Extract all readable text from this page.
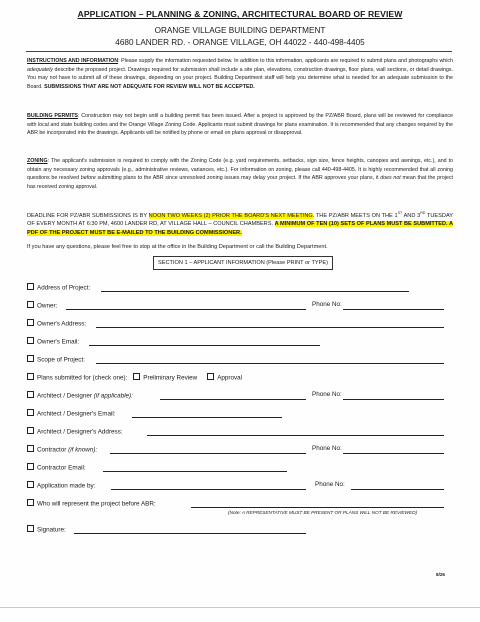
APPLICATION – PLANNING & ZONING, ARCHITECTURAL BOARD OF REVIEW
ORANGE VILLAGE BUILDING DEPARTMENT
4680 LANDER RD. - ORANGE VILLAGE, OH 44022 - 440-498-4405
INSTRUCTIONS AND INFORMATION: Please supply the information requested below. In addition to this information, applicants are required to submit plans and photographs which adequately describe the proposed project. Drawings required for submission shall include a site plan, elevations, construction drawings, floor plans, wall sections, or detail drawings. You may not have to submit all of these drawings, depending on your project. Building Department staff will help you determine what is needed for an adequate submission to the Board. SUBMISSIONS THAT ARE NOT ADEQUATE FOR REVIEW WILL NOT BE ACCEPTED.
BUILDING PERMITS: Construction may not begin until a building permit has been issued. After a project is approved by the PZ/ABR Board, plans will be reviewed for compliance with local and state building codes and the Orange Village Zoning Code. Applicants must submit drawings for plans examination. It is recommended that any changes required by the ABR be incorporated into the drawings. Applicants will be notified by phone or email on plans approval or disapproval.
ZONING: The applicant's submission is required to comply with the Zoning Code (e.g. yard requirements, setbacks, sign size, fence heights, canopies and awnings, etc.), and to obtain any necessary zoning approvals (e.g., administrative reviews, variances, etc.). For information on zoning, please call 440-498-4405. It is highly recommended that all zoning questions be resolved before submitting plans to the ABR since unresolved zoning issues may delay your project. If the ABR approves your plans, it does not mean that the project has received zoning approval.
DEADLINE FOR PZ/ABR SUBMISSIONS IS BY NOON TWO WEEKS (2) PRIOR THE BOARD'S NEXT MEETING. THE PZ/ABR MEETS ON THE 1ST AND 3RD TUESDAY OF EVERY MONTH AT 6:30 PM, 4600 LANDER RD, AT VILLAGE HALL – COUNCIL CHAMBERS. A MINIMUM OF TEN (10) SETS OF PLANS MUST BE SUBMITTED. A PDF OF THE PROJECT MUST BE E-MAILED TO THE BUILDING COMMISSIONER.
If you have any questions, please feel free to stop at the office in the Building Department or call the Building Department.
SECTION 1 – APPLICANT INFORMATION (Please PRINT or TYPE)
Address of Project:
Owner:	Phone No:
Owner's Address:
Owner's Email:
Scope of Project:
Plans submitted for (check one):	Preliminary Review	Approval
Architect / Designer (if applicable):	Phone No:
Architect / Designer's Email:
Architect / Designer's Address:
Contractor (if known):	Phone No:
Contractor Email:
Application made by:	Phone No:
Who will represent the project before ABR:
(Note: A REPRESENTATIVE MUST BE PRESENT OR PLANS WILL NOT BE REVIEWED)
Signature:
8/26
